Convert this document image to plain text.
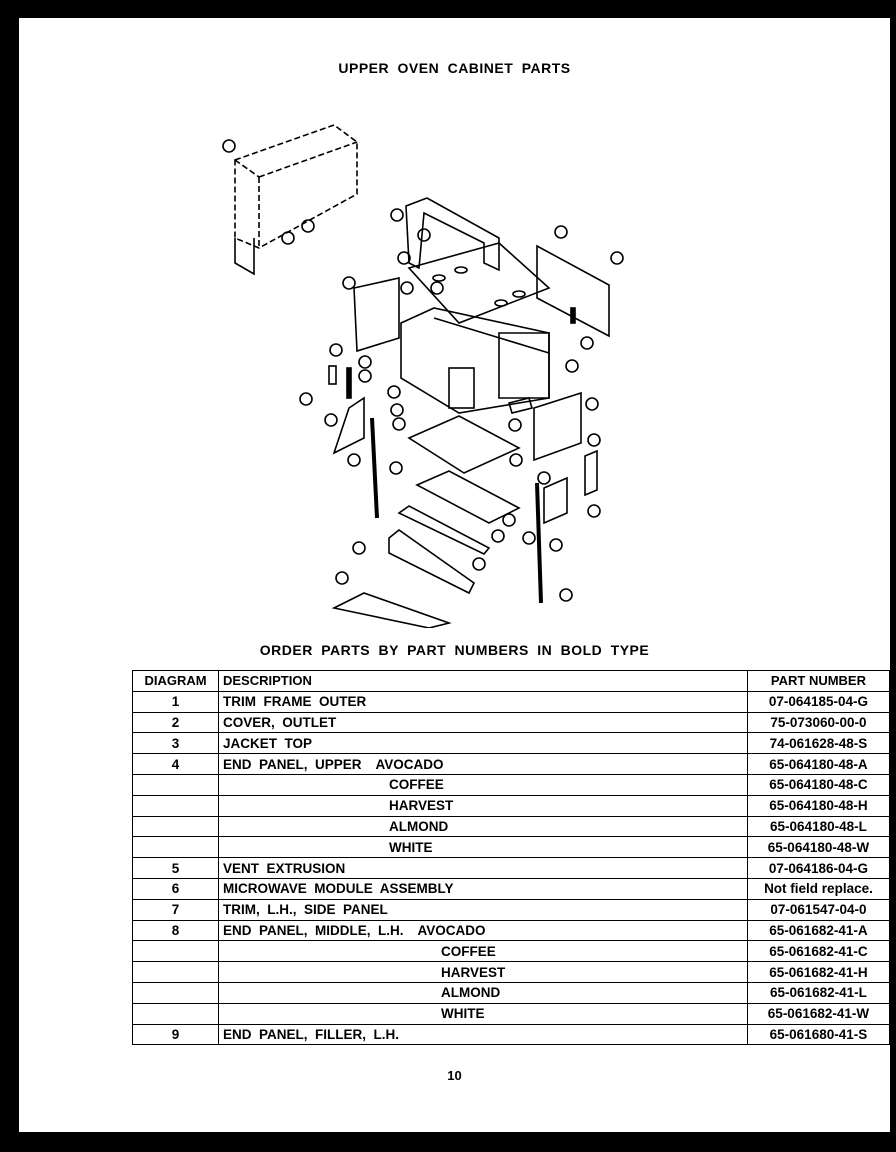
UPPER OVEN CABINET PARTS
ORDER PARTS BY PART NUMBERS IN BOLD TYPE
DIAGRAM	DESCRIPTION	PART NUMBER
1	TRIM  FRAME  OUTER	07-064185-04-G
2	COVER,  OUTLET	75-073060-00-0
3	JACKET  TOP	74-061628-48-S
4	END  PANEL,  UPPER AVOCADO	65-064180-48-A
	COFFEE	65-064180-48-C
	HARVEST	65-064180-48-H
	ALMOND	65-064180-48-L
	WHITE	65-064180-48-W
5	VENT  EXTRUSION	07-064186-04-G
6	MICROWAVE  MODULE  ASSEMBLY	Not field replace.
7	TRIM,  L.H.,  SIDE  PANEL	07-061547-04-0
8	END  PANEL,  MIDDLE,  L.H. AVOCADO	65-061682-41-A
	COFFEE	65-061682-41-C
	HARVEST	65-061682-41-H
	ALMOND	65-061682-41-L
	WHITE	65-061682-41-W
9	END  PANEL,  FILLER,  L.H.	65-061680-41-S
10
